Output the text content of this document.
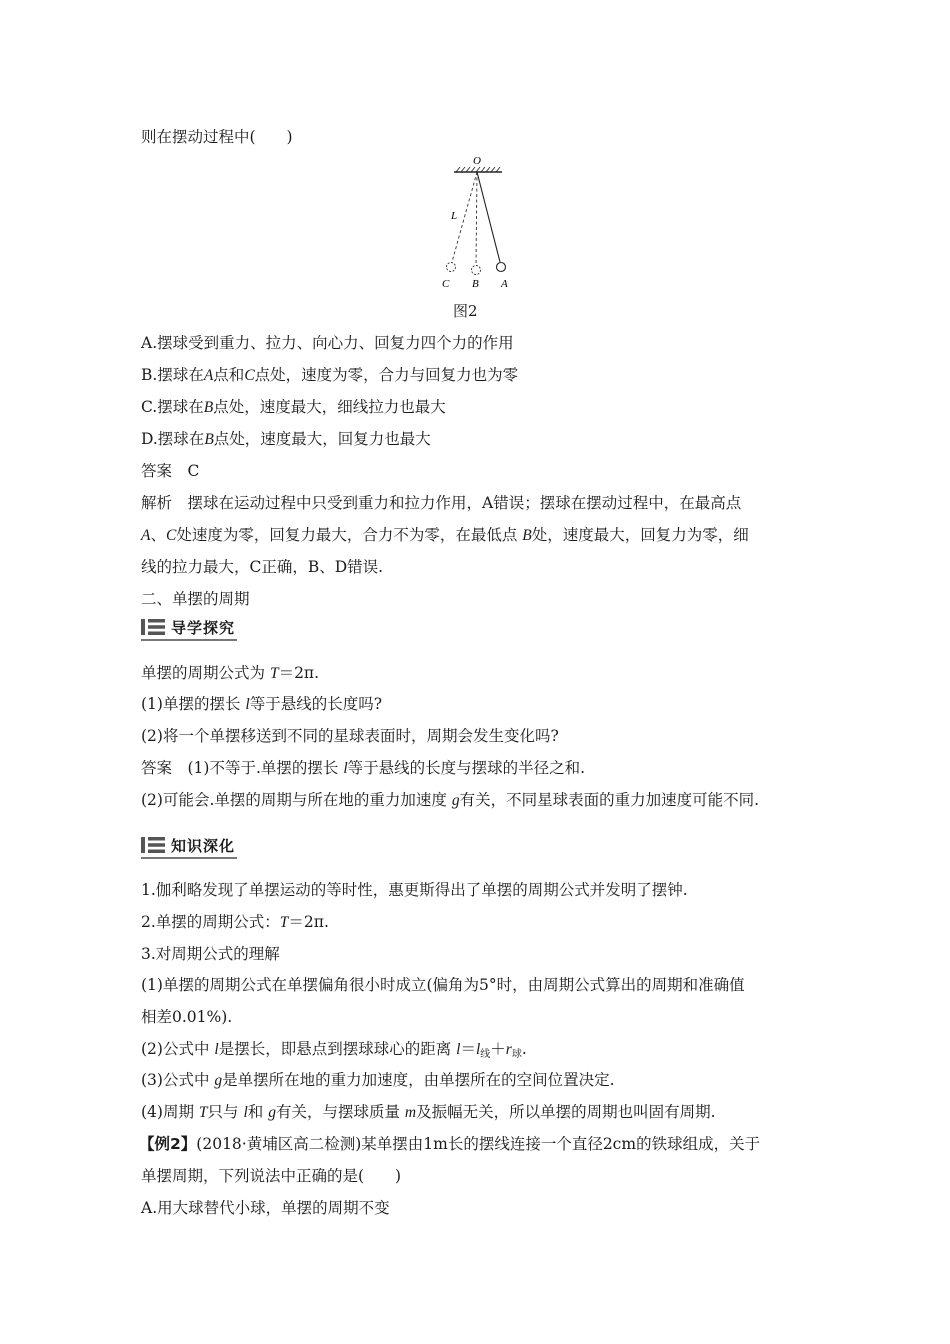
则在摆动过程中(　　)
O
L
C B A
图2
A.摆球受到重力、拉力、向心力、回复力四个力的作用
B.摆球在A点和C点处，速度为零，合力与回复力也为零
C.摆球在B点处，速度最大，细线拉力也最大
D.摆球在B点处，速度最大，回复力也最大
答案　C
解析　摆球在运动过程中只受到重力和拉力作用，A错误；摆球在摆动过程中，在最高点
A、C处速度为零，回复力最大，合力不为零，在最低点 B处，速度最大，回复力为零，细
线的拉力最大，C正确，B、D错误.
二、单摆的周期
导学探究
单摆的周期公式为 T＝2π.
(1)单摆的摆长 l等于悬线的长度吗?
(2)将一个单摆移送到不同的星球表面时，周期会发生变化吗?
答案　(1)不等于.单摆的摆长 l等于悬线的长度与摆球的半径之和.
(2)可能会.单摆的周期与所在地的重力加速度 g有关，不同星球表面的重力加速度可能不同.
知识深化
1.伽利略发现了单摆运动的等时性，惠更斯得出了单摆的周期公式并发明了摆钟.
2.单摆的周期公式：T＝2π.
3.对周期公式的理解
(1)单摆的周期公式在单摆偏角很小时成立(偏角为5°时，由周期公式算出的周期和准确值
相差0.01%).
(2)公式中 l是摆长，即悬点到摆球球心的距离 $l=l_线+r_球$.
(3)公式中 g是单摆所在地的重力加速度，由单摆所在的空间位置决定.
(4)周期 T只与 l和 g有关，与摆球质量 m及振幅无关，所以单摆的周期也叫固有周期.
【例2】(2018·黄埔区高二检测)某单摆由1m长的摆线连接一个直径2cm的铁球组成，关于
单摆周期，下列说法中正确的是(　　)
A.用大球替代小球，单摆的周期不变
